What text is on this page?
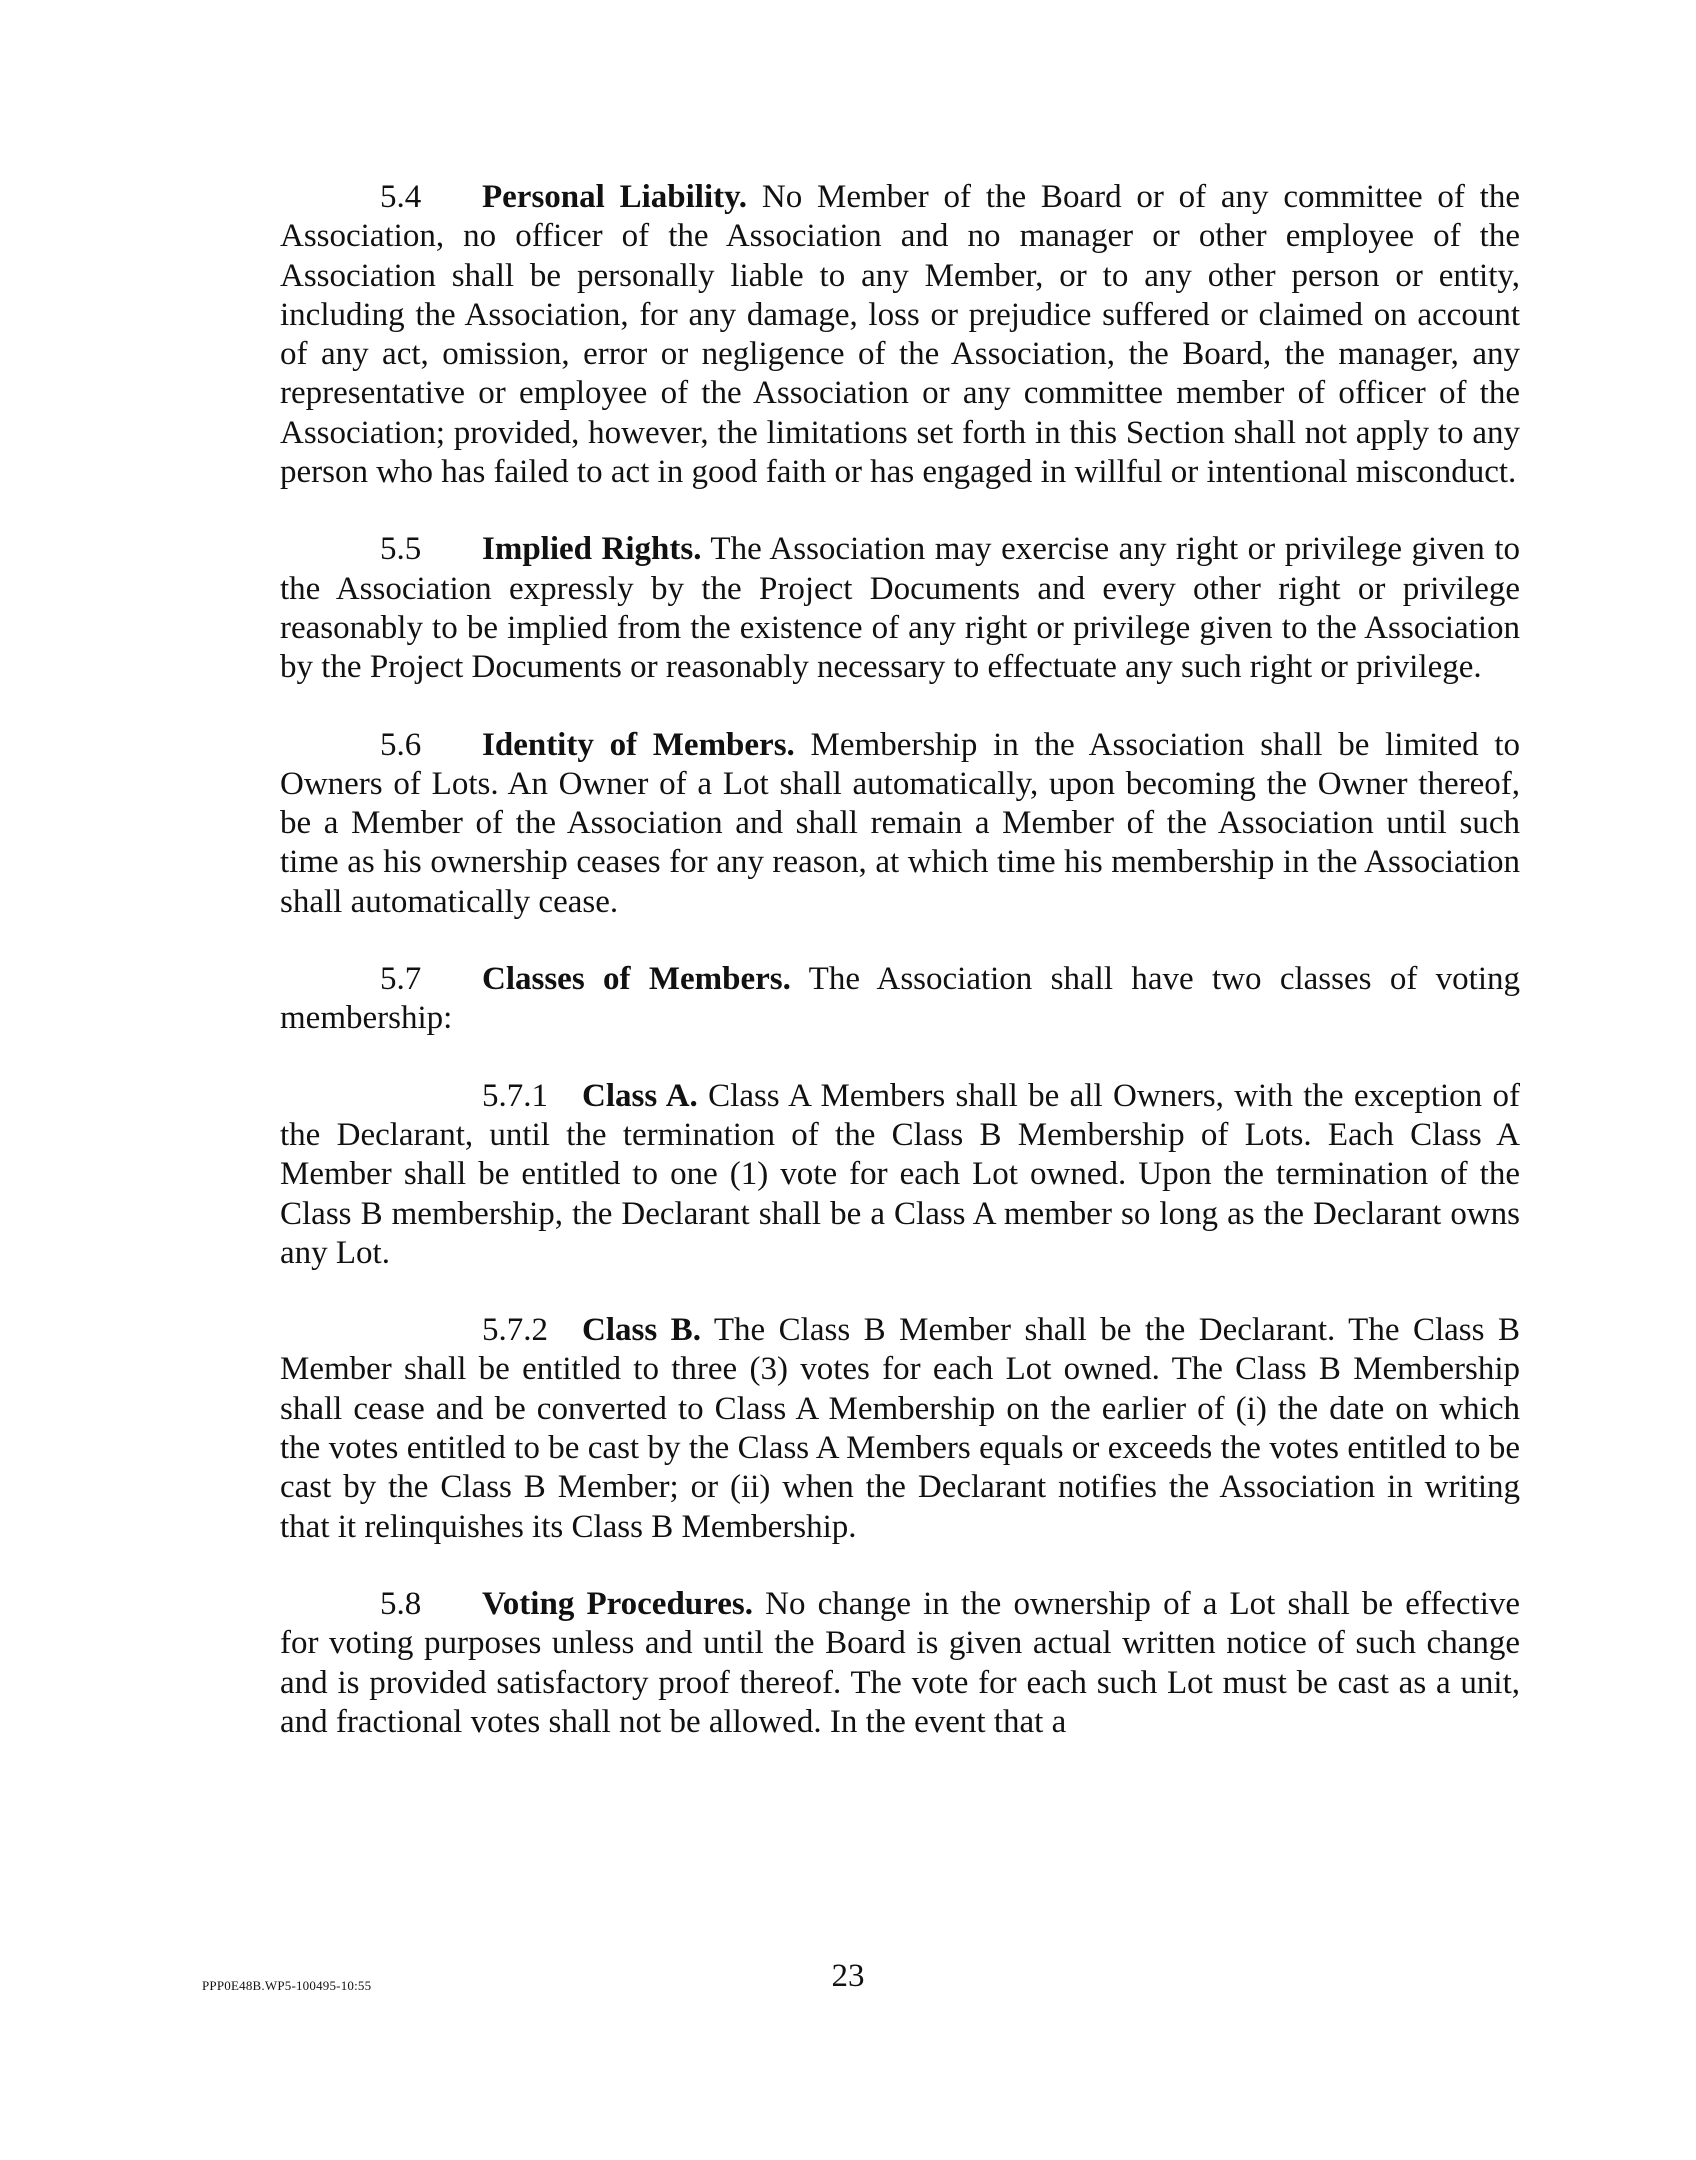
5.4 Personal Liability. No Member of the Board or of any committee of the Association, no officer of the Association and no manager or other employee of the Association shall be personally liable to any Member, or to any other person or entity, including the Association, for any damage, loss or prejudice suffered or claimed on account of any act, omission, error or negligence of the Association, the Board, the manager, any representative or employee of the Association or any committee member of officer of the Association; provided, however, the limitations set forth in this Section shall not apply to any person who has failed to act in good faith or has engaged in willful or intentional misconduct.

5.5 Implied Rights. The Association may exercise any right or privilege given to the Association expressly by the Project Documents and every other right or privilege reasonably to be implied from the existence of any right or privilege given to the Association by the Project Documents or reasonably necessary to effectuate any such right or privilege.

5.6 Identity of Members. Membership in the Association shall be limited to Owners of Lots. An Owner of a Lot shall automatically, upon becoming the Owner thereof, be a Member of the Association and shall remain a Member of the Association until such time as his ownership ceases for any reason, at which time his membership in the Association shall automatically cease.

5.7 Classes of Members. The Association shall have two classes of voting membership:

5.7.1 Class A. Class A Members shall be all Owners, with the exception of the Declarant, until the termination of the Class B Membership of Lots. Each Class A Member shall be entitled to one (1) vote for each Lot owned. Upon the termination of the Class B membership, the Declarant shall be a Class A member so long as the Declarant owns any Lot.

5.7.2 Class B. The Class B Member shall be the Declarant. The Class B Member shall be entitled to three (3) votes for each Lot owned. The Class B Membership shall cease and be converted to Class A Membership on the earlier of (i) the date on which the votes entitled to be cast by the Class A Members equals or exceeds the votes entitled to be cast by the Class B Member; or (ii) when the Declarant notifies the Association in writing that it relinquishes its Class B Membership.

5.8 Voting Procedures. No change in the ownership of a Lot shall be effective for voting purposes unless and until the Board is given actual written notice of such change and is provided satisfactory proof thereof. The vote for each such Lot must be cast as a unit, and fractional votes shall not be allowed. In the event that a

PPP0E48B.WP5-100495-10:55	23
